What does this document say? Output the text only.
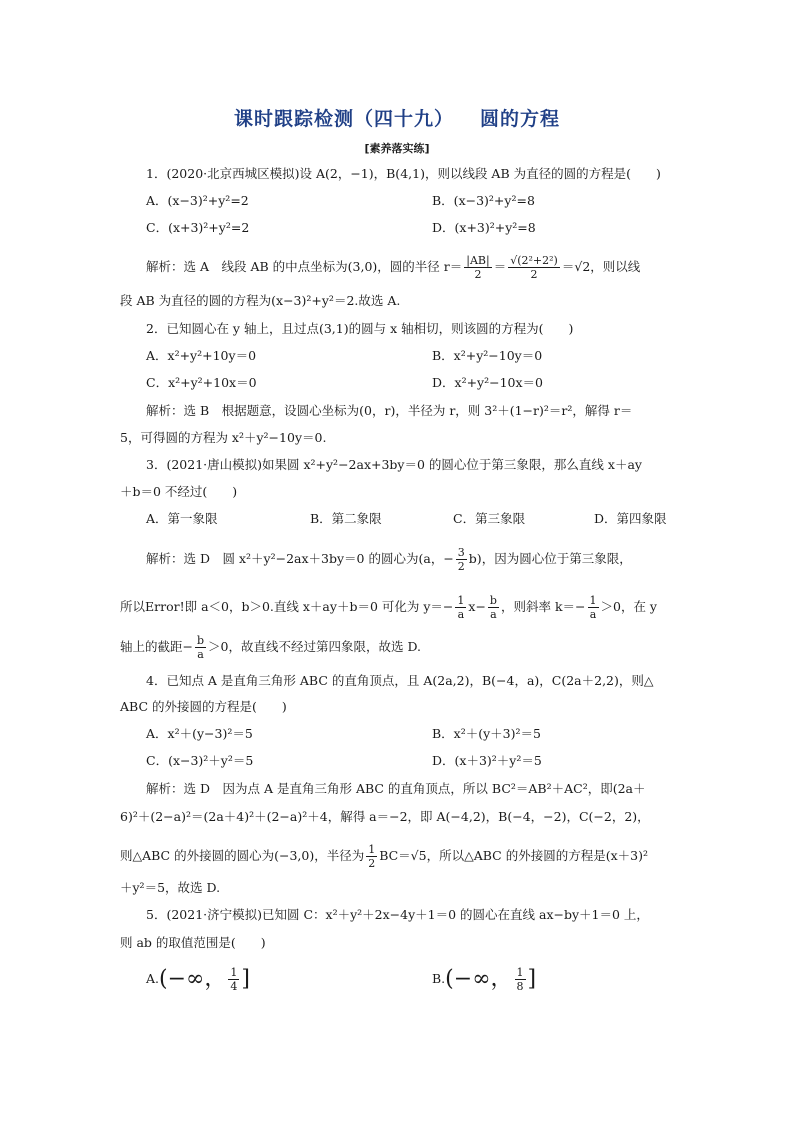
课时跟踪检测（四十九） 圆的方程
[素养落实练]
1．(2020·北京西城区模拟)设 A(2，−1)，B(4,1)，则以线段 AB 为直径的圆的方程是(　　)
A．(x−3)²+y²=2	B．(x−3)²+y²=8
C．(x+3)²+y²=2	D．(x+3)²+y²=8
解析：选 A　线段 AB 的中点坐标为(3,0)，圆的半径 $r= \frac{|AB|}{2} = \frac{\text{√(2²+2²)}}{2} =√2$，则以线
段 AB 为直径的圆的方程为(x−3)²+y²＝2.故选 A.
2．已知圆心在 y 轴上，且过点(3,1)的圆与 x 轴相切，则该圆的方程为(　　)
A．x²+y²+10y＝0	B．x²+y²−10y＝0
C．x²+y²+10x＝0	D．x²+y²−10x＝0
解析：选 B　根据题意，设圆心坐标为(0，r)，半径为 r，则 3²＋(1−r)²＝r²，解得 r＝
5，可得圆的方程为 x²＋y²−10y＝0.
3．(2021·唐山模拟)如果圆 x²+y²−2ax+3by＝0 的圆心位于第三象限，那么直线 x＋ay
＋b＝0 不经过(　　)
A．第一象限	B．第二象限	C．第三象限	D．第四象限
解析：选 D　圆 x²＋y²−2ax＋3by＝0 的圆心为(a，− $\frac{3}{2} b$)，因为圆心位于第三象限，
所以Error!即 a＜0，b＞0.直线 x＋ay＋b＝0 可化为 $y=- \frac{1}{a} x- \frac{b}{a}$ ，则斜率 $k=- \frac{1}{a} >0$，在 y
轴上的截距− $\frac{b}{a} >0$，故直线不经过第四象限，故选 D.
4．已知点 A 是直角三角形 ABC 的直角顶点，且 A(2a,2)，B(−4，a)，C(2a＋2,2)，则△
ABC 的外接圆的方程是(　　)
A．x²＋(y−3)²＝5	B．x²＋(y＋3)²＝5
C．(x−3)²＋y²＝5	D．(x＋3)²＋y²＝5
解析：选 D　因为点 A 是直角三角形 ABC 的直角顶点，所以 BC²＝AB²＋AC²，即(2a＋
6)²＋(2−a)²＝(2a＋4)²＋(2−a)²＋4，解得 a＝−2，即 A(−4,2)，B(−4，−2)，C(−2，2)，
则△ABC 的外接圆的圆心为(−3,0)，半径为 $\frac{1}{2} BC=√5$，所以△ABC 的外接圆的方程是(x＋3)²
＋y²＝5，故选 D.
5．(2021·济宁模拟)已知圆 C：x²＋y²＋2x−4y＋1＝0 的圆心在直线 ax−by＋1＝0 上，
则 ab 的取值范围是(　　)
A.(−∞， $\frac{1}{4}$ ]	B.(−∞， $\frac{1}{8}$ ]
